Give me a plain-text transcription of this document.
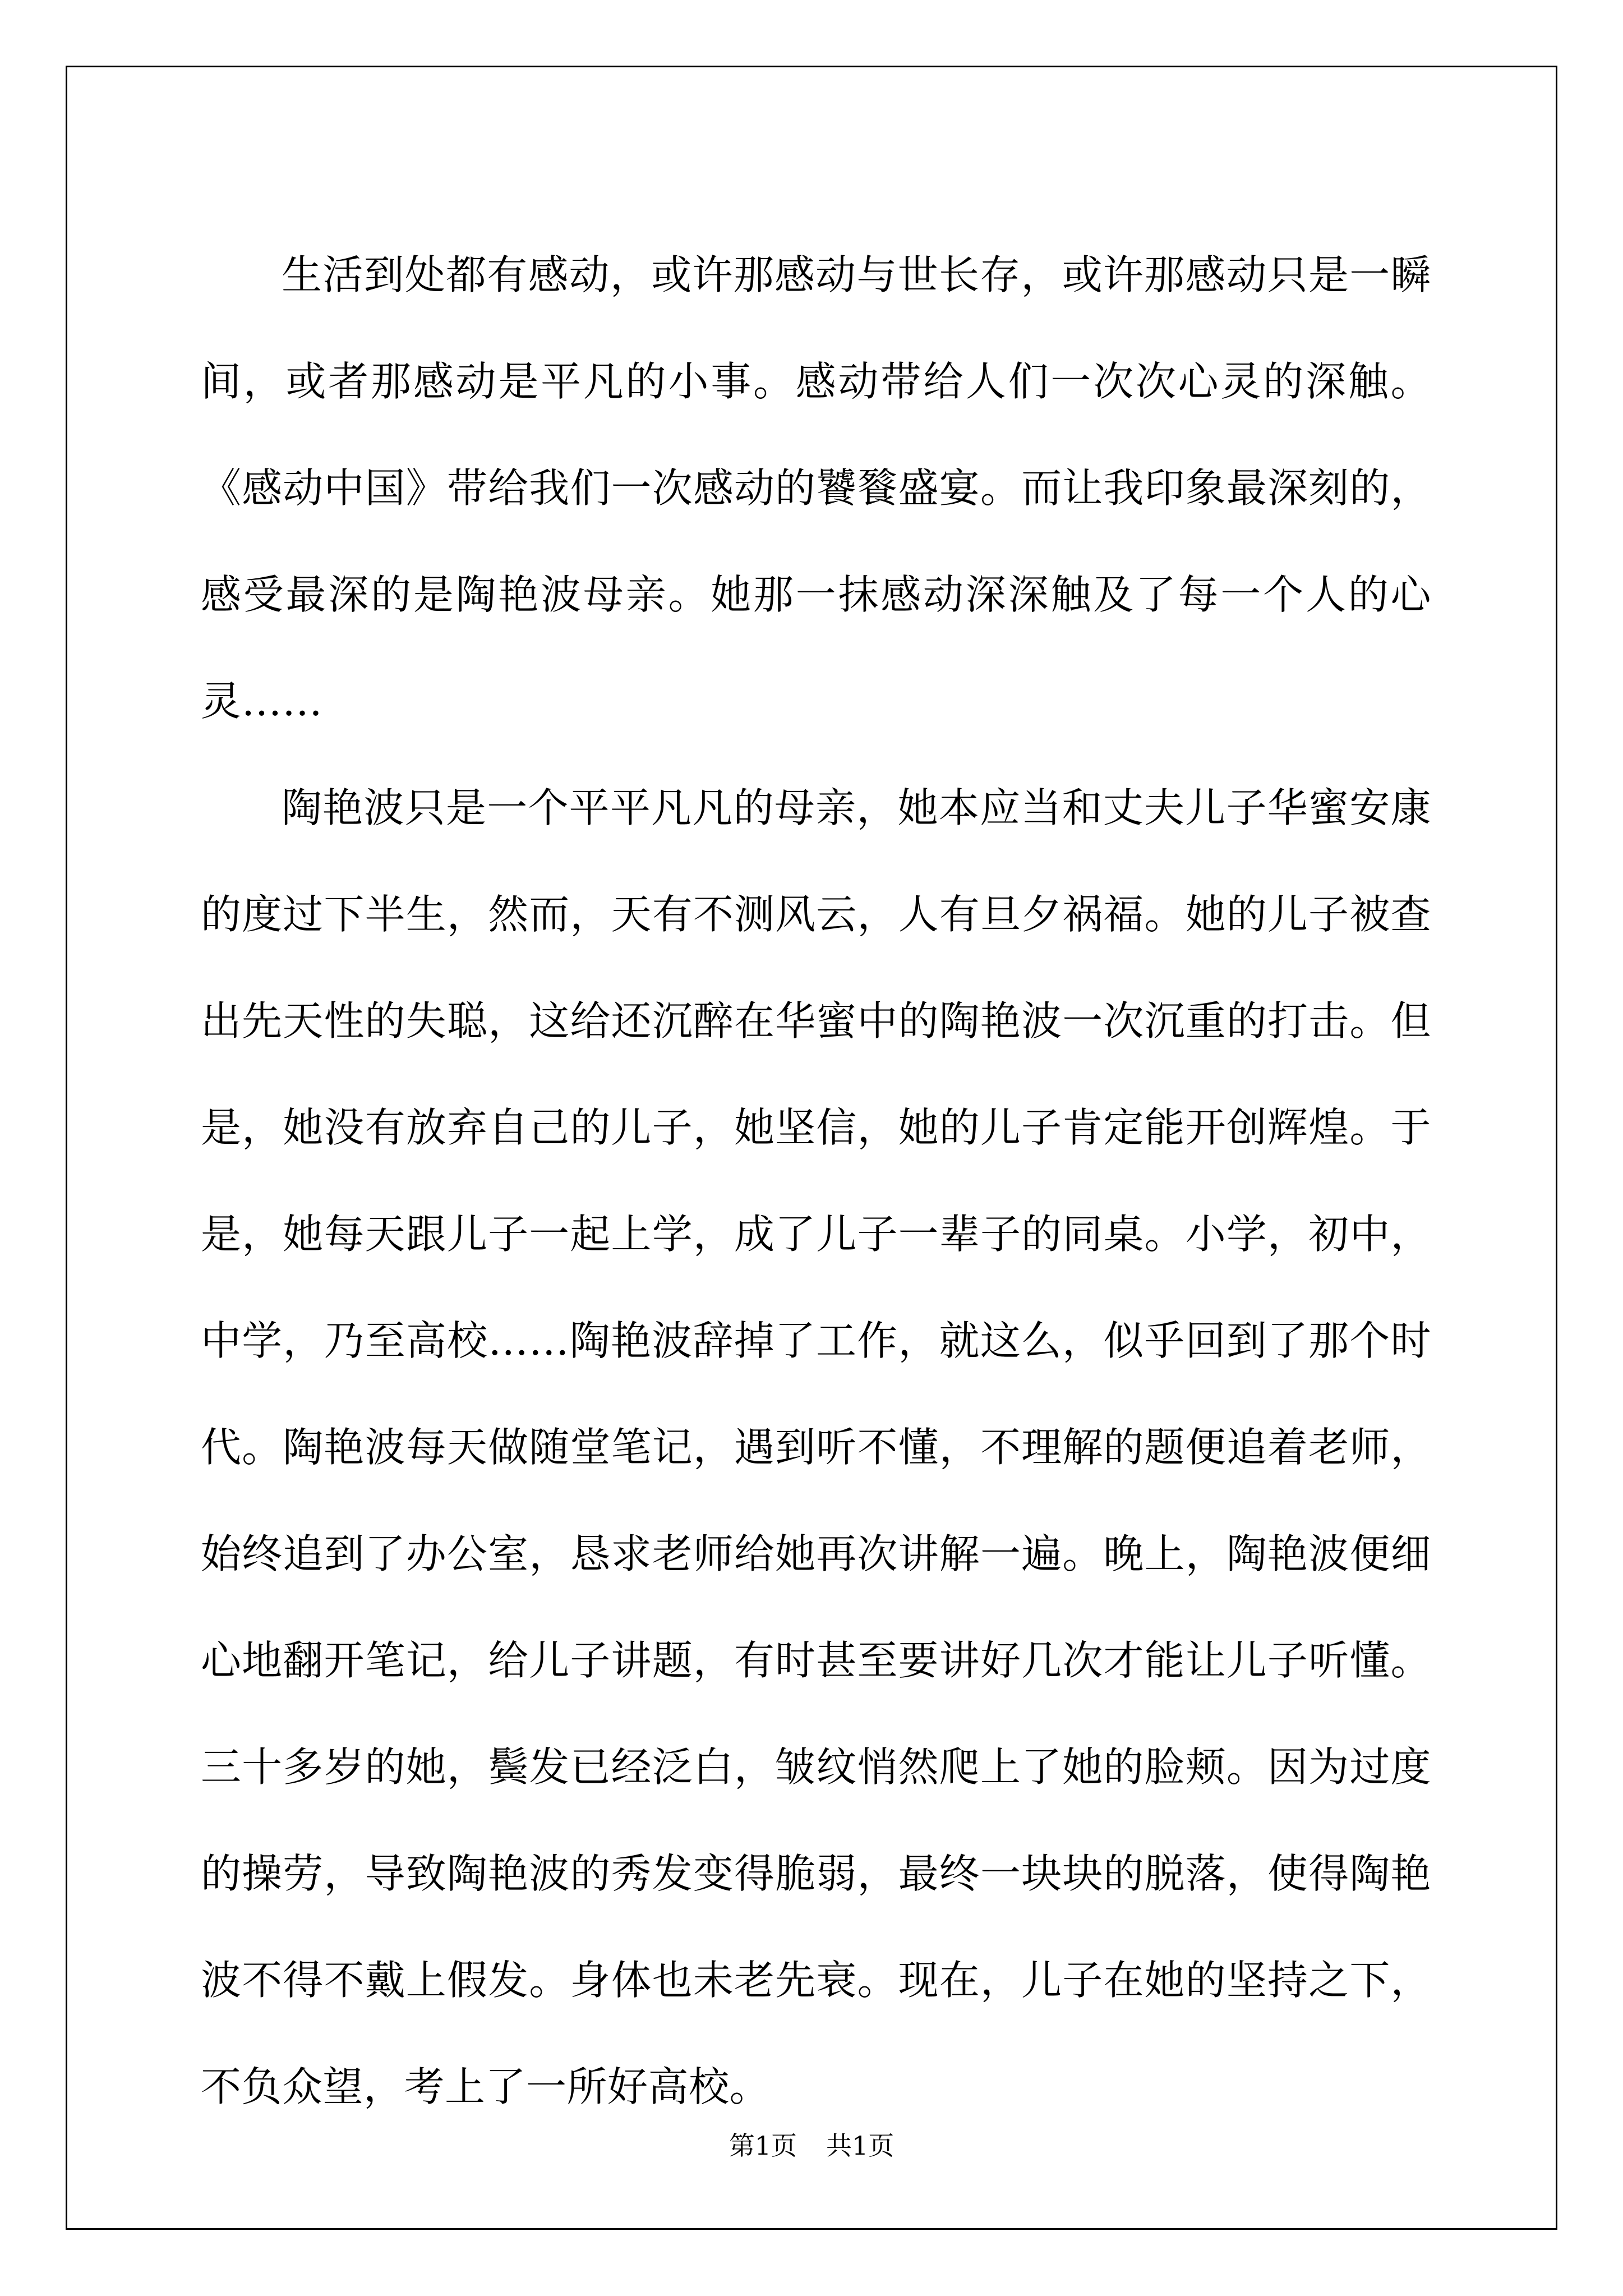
生活到处都有感动，或许那感动与世长存，或许那感动只是一瞬间，或者那感动是平凡的小事。感动带给人们一次次心灵的深触。《感动中国》带给我们一次感动的饕餮盛宴。而让我印象最深刻的，感受最深的是陶艳波母亲。她那一抹感动深深触及了每一个人的心灵……

陶艳波只是一个平平凡凡的母亲，她本应当和丈夫儿子华蜜安康的度过下半生，然而，天有不测风云，人有旦夕祸福。她的儿子被查出先天性的失聪，这给还沉醉在华蜜中的陶艳波一次沉重的打击。但是，她没有放弃自己的儿子，她坚信，她的儿子肯定能开创辉煌。于是，她每天跟儿子一起上学，成了儿子一辈子的同桌。小学，初中，中学，乃至高校……陶艳波辞掉了工作，就这么，似乎回到了那个时代。陶艳波每天做随堂笔记，遇到听不懂，不理解的题便追着老师，始终追到了办公室，恳求老师给她再次讲解一遍。晚上，陶艳波便细心地翻开笔记，给儿子讲题，有时甚至要讲好几次才能让儿子听懂。三十多岁的她，鬓发已经泛白，皱纹悄然爬上了她的脸颊。因为过度的操劳，导致陶艳波的秀发变得脆弱，最终一块块的脱落，使得陶艳波不得不戴上假发。身体也未老先衰。现在，儿子在她的坚持之下，不负众望，考上了一所好高校。

第1页 共1页
